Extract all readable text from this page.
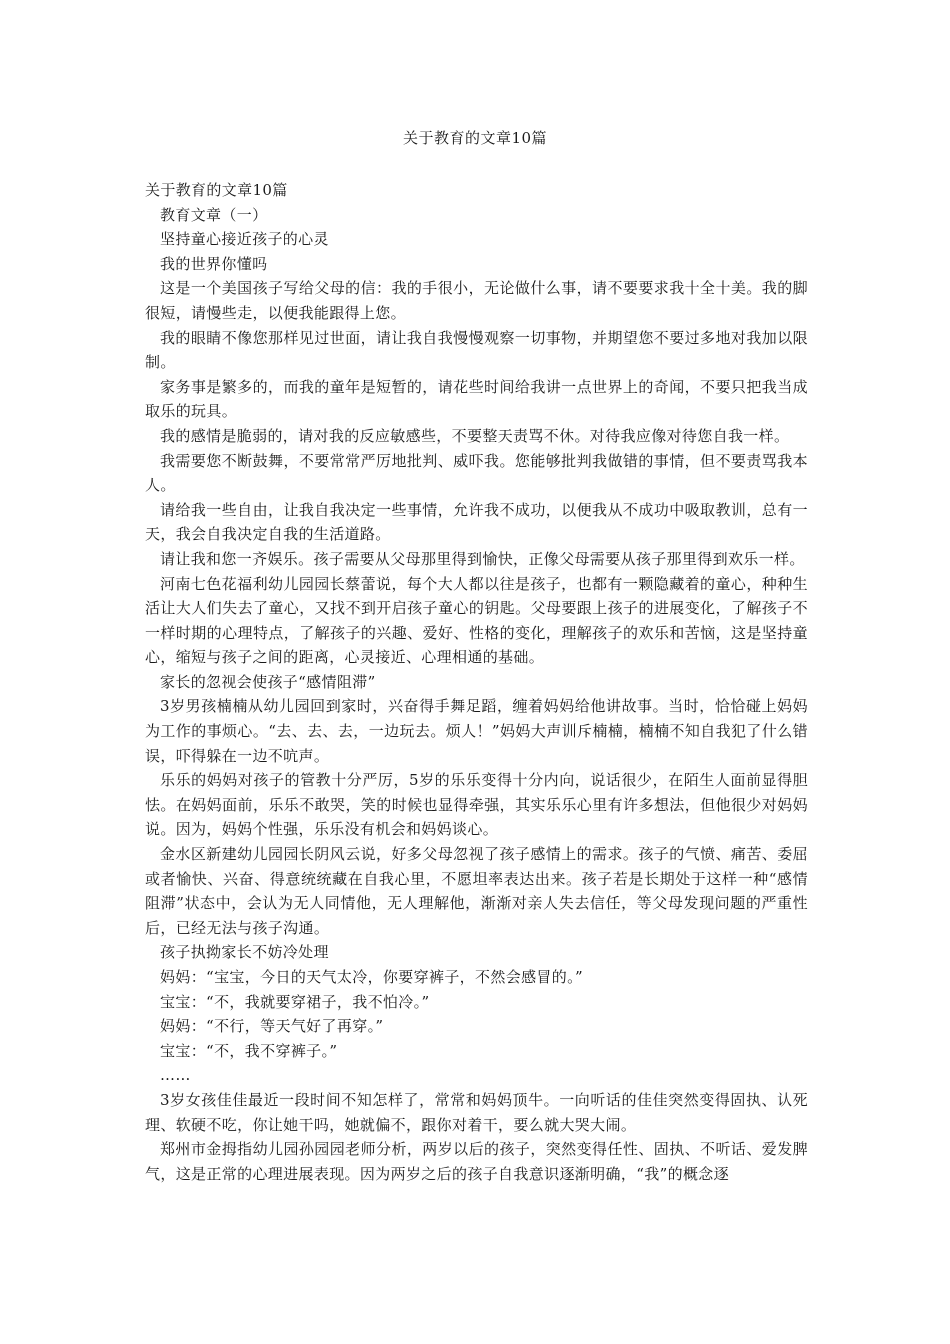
关于教育的文章10篇

关于教育的文章10篇

教育文章（一）

坚持童心接近孩子的心灵

我的世界你懂吗

这是一个美国孩子写给父母的信：我的手很小，无论做什么事，请不要要求我十全十美。我的脚很短，请慢些走，以便我能跟得上您。

我的眼睛不像您那样见过世面，请让我自我慢慢观察一切事物，并期望您不要过多地对我加以限制。

家务事是繁多的，而我的童年是短暂的，请花些时间给我讲一点世界上的奇闻，不要只把我当成取乐的玩具。

我的感情是脆弱的，请对我的反应敏感些，不要整天责骂不休。对待我应像对待您自我一样。

我需要您不断鼓舞，不要常常严厉地批判、威吓我。您能够批判我做错的事情，但不要责骂我本人。

请给我一些自由，让我自我决定一些事情，允许我不成功，以便我从不成功中吸取教训，总有一天，我会自我决定自我的生活道路。

请让我和您一齐娱乐。孩子需要从父母那里得到愉快，正像父母需要从孩子那里得到欢乐一样。

河南七色花福利幼儿园园长蔡蕾说，每个大人都以往是孩子，也都有一颗隐藏着的童心，种种生活让大人们失去了童心，又找不到开启孩子童心的钥匙。父母要跟上孩子的进展变化，了解孩子不一样时期的心理特点，了解孩子的兴趣、爱好、性格的变化，理解孩子的欢乐和苦恼，这是坚持童心，缩短与孩子之间的距离，心灵接近、心理相通的基础。

家长的忽视会使孩子“感情阻滞”

3岁男孩楠楠从幼儿园回到家时，兴奋得手舞足蹈，缠着妈妈给他讲故事。当时，恰恰碰上妈妈为工作的事烦心。“去、去、去，一边玩去。烦人！”妈妈大声训斥楠楠，楠楠不知自我犯了什么错误，吓得躲在一边不吭声。

乐乐的妈妈对孩子的管教十分严厉，5岁的乐乐变得十分内向，说话很少，在陌生人面前显得胆怯。在妈妈面前，乐乐不敢哭，笑的时候也显得牵强，其实乐乐心里有许多想法，但他很少对妈妈说。因为，妈妈个性强，乐乐没有机会和妈妈谈心。

金水区新建幼儿园园长阴风云说，好多父母忽视了孩子感情上的需求。孩子的气愤、痛苦、委屈或者愉快、兴奋、得意统统藏在自我心里，不愿坦率表达出来。孩子若是长期处于这样一种“感情阻滞”状态中，会认为无人同情他，无人理解他，渐渐对亲人失去信任，等父母发现问题的严重性后，已经无法与孩子沟通。

孩子执拗家长不妨冷处理

妈妈：“宝宝，今日的天气太冷，你要穿裤子，不然会感冒的。”

宝宝：“不，我就要穿裙子，我不怕冷。”

妈妈：“不行，等天气好了再穿。”

宝宝：“不，我不穿裤子。”

……

3岁女孩佳佳最近一段时间不知怎样了，常常和妈妈顶牛。一向听话的佳佳突然变得固执、认死理、软硬不吃，你让她干吗，她就偏不，跟你对着干，要么就大哭大闹。

郑州市金拇指幼儿园孙园园老师分析，两岁以后的孩子，突然变得任性、固执、不听话、爱发脾气，这是正常的心理进展表现。因为两岁之后的孩子自我意识逐渐明确，“我”的概念逐
